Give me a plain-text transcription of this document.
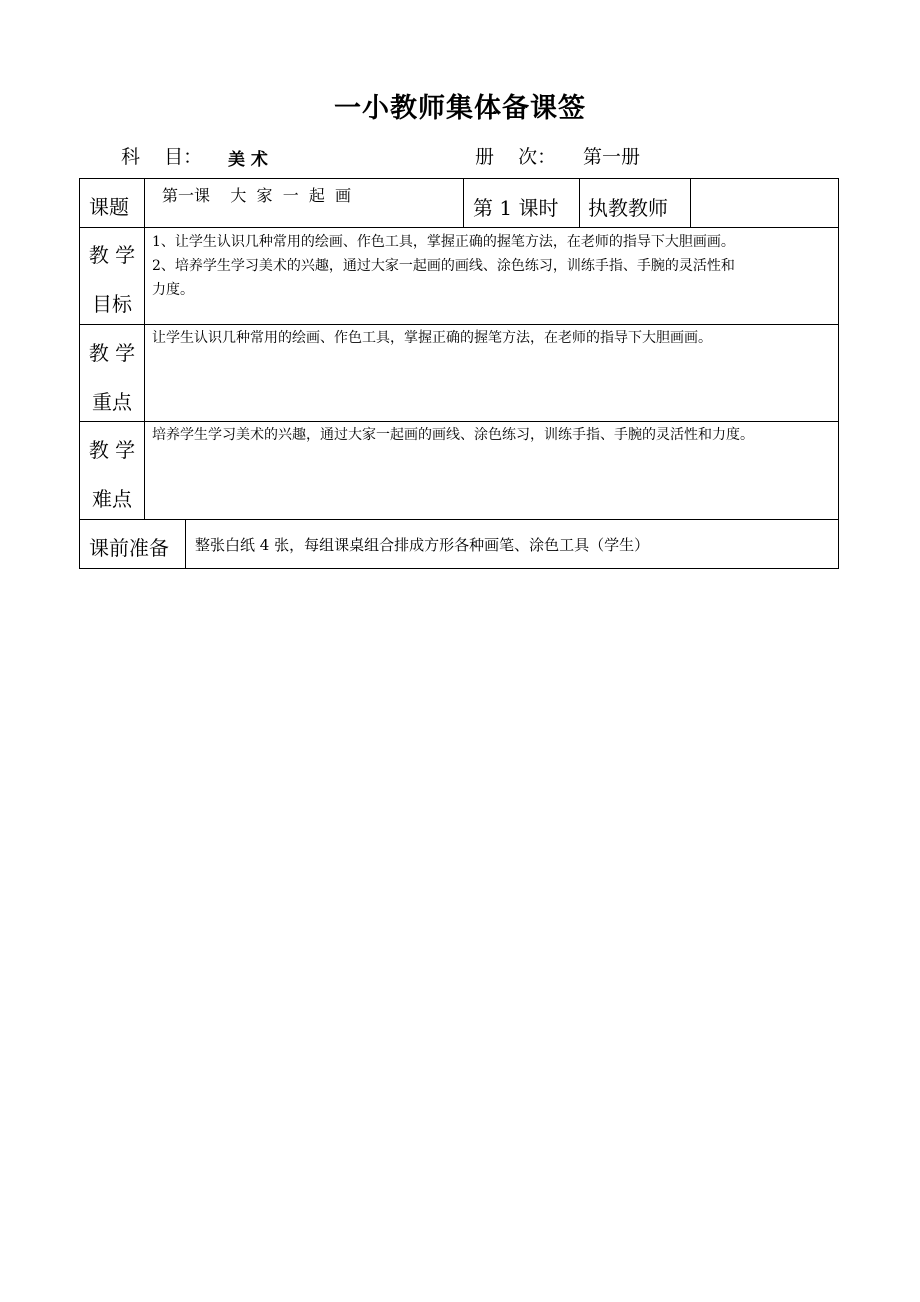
一小教师集体备课签
科    目： 美 术	册    次： 第一册
课题 第一课    大  家  一  起  画
第 1 课时 执教教师
教 学
目标
1、让学生认识几种常用的绘画、作色工具，掌握正确的握笔方法，在老师的指导下大胆画画。
2、培养学生学习美术的兴趣，通过大家一起画的画线、涂色练习，训练手指、手腕的灵活性和
力度。
教 学
重点
让学生认识几种常用的绘画、作色工具，掌握正确的握笔方法，在老师的指导下大胆画画。
教 学
难点
培养学生学习美术的兴趣，通过大家一起画的画线、涂色练习，训练手指、手腕的灵活性和力度。
课前准备 整张白纸 4 张，每组课桌组合排成方形各种画笔、涂色工具（学生）
